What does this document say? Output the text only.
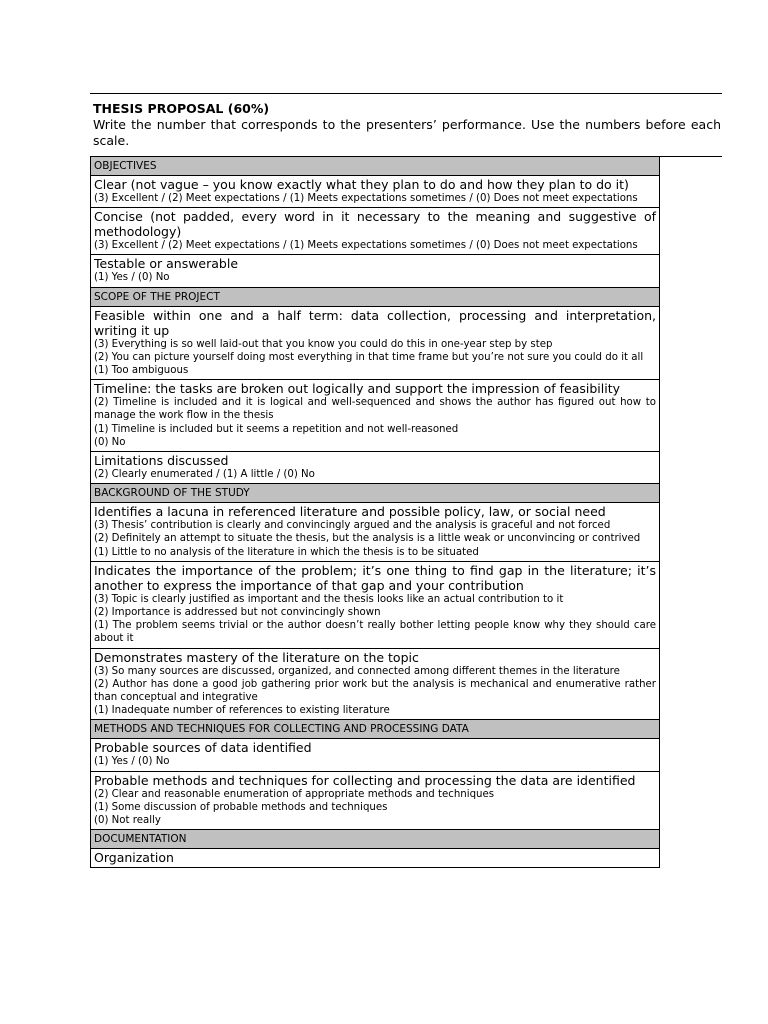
THESIS PROPOSAL (60%)
Write the number that corresponds to the presenters’ performance. Use the numbers before each scale.
OBJECTIVES

Clear (not vague – you know exactly what they plan to do and how they plan to do it)
(3) Excellent / (2) Meet expectations / (1) Meets expectations sometimes / (0) Does not meet expectations

Concise (not padded, every word in it necessary to the meaning and suggestive of methodology)
(3) Excellent / (2) Meet expectations / (1) Meets expectations sometimes / (0) Does not meet expectations

Testable or answerable
(1) Yes / (0) No

SCOPE OF THE PROJECT

Feasible within one and a half term: data collection, processing and interpretation, writing it up
(3) Everything is so well laid-out that you know you could do this in one-year step by step
(2) You can picture yourself doing most everything in that time frame but you’re not sure you could do it all
(1) Too ambiguous

Timeline: the tasks are broken out logically and support the impression of feasibility
(2) Timeline is included and it is logical and well-sequenced and shows the author has figured out how to manage the work flow in the thesis
(1) Timeline is included but it seems a repetition and not well-reasoned
(0) No

Limitations discussed
(2) Clearly enumerated / (1) A little / (0) No

BACKGROUND OF THE STUDY

Identifies a lacuna in referenced literature and possible policy, law, or social need
(3) Thesis’ contribution is clearly and convincingly argued and the analysis is graceful and not forced
(2) Definitely an attempt to situate the thesis, but the analysis is a little weak or unconvincing or contrived
(1) Little to no analysis of the literature in which the thesis is to be situated

Indicates the importance of the problem; it’s one thing to find gap in the literature; it’s another to express the importance of that gap and your contribution
(3) Topic is clearly justified as important and the thesis looks like an actual contribution to it
(2) Importance is addressed but not convincingly shown
(1) The problem seems trivial or the author doesn’t really bother letting people know why they should care about it

Demonstrates mastery of the literature on the topic
(3) So many sources are discussed, organized, and connected among different themes in the literature
(2) Author has done a good job gathering prior work but the analysis is mechanical and enumerative rather than conceptual and integrative
(1) Inadequate number of references to existing literature

METHODS AND TECHNIQUES FOR COLLECTING AND PROCESSING DATA

Probable sources of data identified
(1) Yes / (0) No

Probable methods and techniques for collecting and processing the data are identified
(2) Clear and reasonable enumeration of appropriate methods and techniques
(1) Some discussion of probable methods and techniques
(0) Not really

DOCUMENTATION

Organization
